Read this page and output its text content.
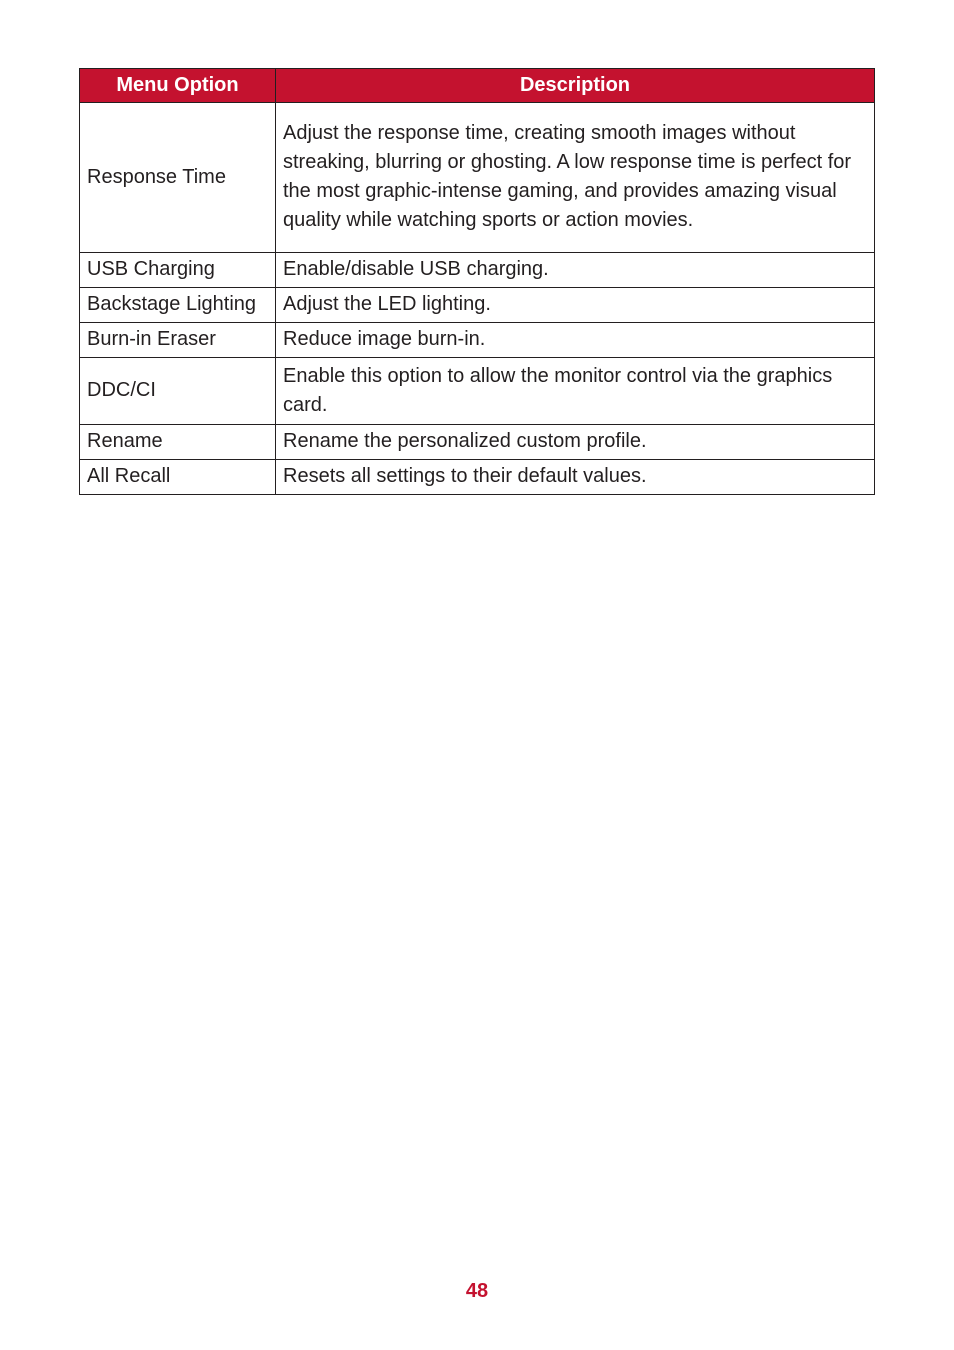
Menu Option	Description
Response Time	Adjust the response time, creating smooth images without streaking, blurring or ghosting. A low response time is perfect for the most graphic-intense gaming, and provides amazing visual quality while watching sports or action movies.
USB Charging	Enable/disable USB charging.
Backstage Lighting	Adjust the LED lighting.
Burn-in Eraser	Reduce image burn-in.
DDC/CI	Enable this option to allow the monitor control via the graphics card.
Rename	Rename the personalized custom profile.
All Recall	Resets all settings to their default values.
48
